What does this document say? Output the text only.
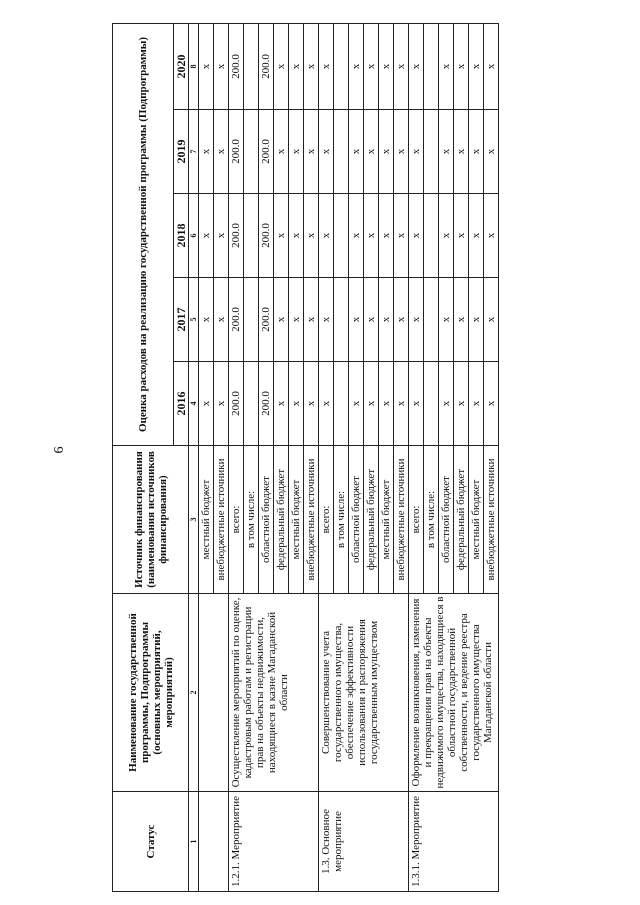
6
Статус	Наименование государственной программы, Подпрограммы (основных мероприятий, мероприятий)	Источник финансирования (наименования источников финансирования)	Оценка расходов на реализацию государственной программы (Подпрограммы)				
			2016	2017	2018	2019	2020
1	2	3	4	5	6	7	8
		местный бюджет	x	x	x	x	x
		внебюджетные источники	x	x	x	x	x
1.2.1. Мероприятие	Осуществление мероприятий по оценке, кадастровым работам и регистрации прав на объекты недвижимости, находящиеся в казне Магаданской области	всего:	200.0	200.0	200.0	200.0	200.0
		в том числе:					
		областной бюджет	200.0	200.0	200.0	200.0	200.0
		федеральный бюджет	x	x	x	x	x
		местный бюджет	x	x	x	x	x
		внебюджетные источники	x	x	x	x	x
1.3. Основное мероприятие	Совершенствование учета государственного имущества, обеспечение эффективности использования и распоряжения государственным имуществом	всего:	x	x	x	x	x
		в том числе:					
		областной бюджет	x	x	x	x	x
		федеральный бюджет	x	x	x	x	x
		местный бюджет	x	x	x	x	x
		внебюджетные источники	x	x	x	x	x
1.3.1. Мероприятие	Оформление возникновения, изменения и прекращения прав на объекты недвижимого имущества, находящиеся в областной государственной собственности, и ведение реестра государственного имущества Магаданской области	всего:	x	x	x	x	x
		в том числе:					
		областной бюджет	x	x	x	x	x
		федеральный бюджет	x	x	x	x	x
		местный бюджет	x	x	x	x	x
		внебюджетные источники	x	x	x	x	x
